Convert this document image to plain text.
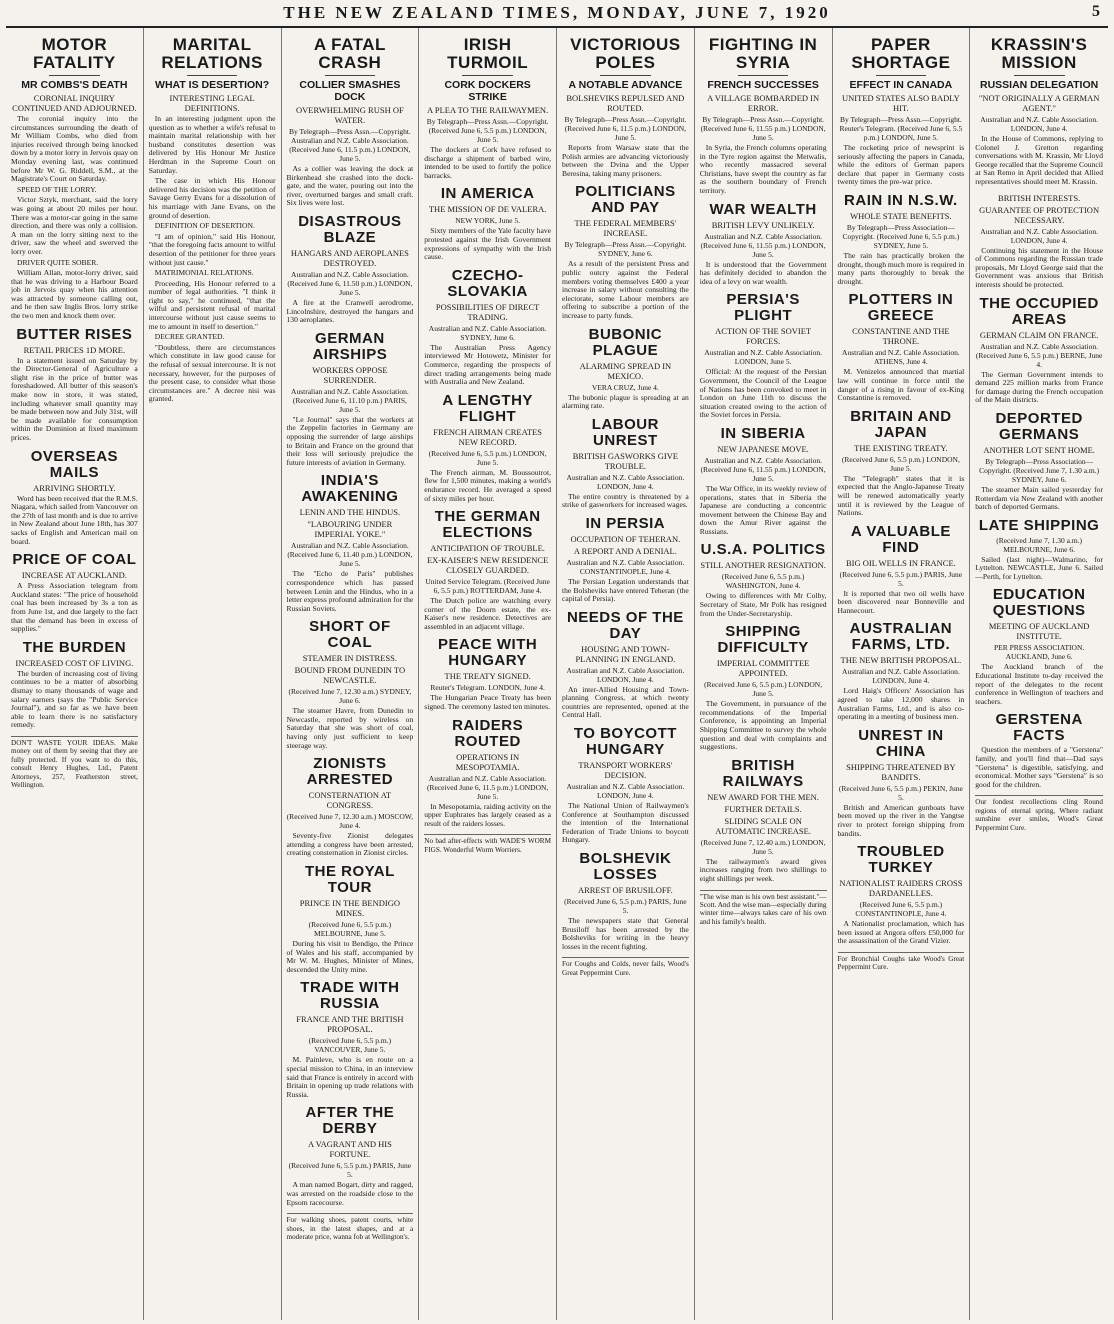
THE NEW ZEALAND TIMES, MONDAY, JUNE 7, 1920	5
MOTOR FATALITY
MR COMBS'S DEATH
CORONIAL INQUIRY CONTINUED AND ADJOURNED.

The coronial inquiry into the circumstances surrounding the death of Mr William Combs, who died from injuries received through being knocked down by a motor lorry in Jervois quay on Monday evening last, was continued before Mr W. G. Riddell, S.M., at the Magistrate's Court on Saturday.

SPEED OF THE LORRY.

Victor Sztyk, merchant, said the lorry was going at about 20 miles per hour. There was a motor-car going in the same direction, and there was only a collision. A man on the lorry sitting next to the driver, saw the wheel and swerved the lorry over.

DRIVER QUITE SOBER.

William Allan, motor-lorry driver, said that he was driving to a Harbour Board job in Jervois quay when his attention was attracted by someone calling out, and he then saw Inglis Bros. lorry strike the two men and knock them over.

BUTTER RISES
RETAIL PRICES 1D MORE.

In a statement issued on Saturday by the Director-General of Agriculture a slight rise in the price of butter was foreshadowed. All butter of this season's make now in store, it was stated, including whatever small quantity may be made between now and July 31st, will be made available for consumption within the Dominion at fixed maximum prices.

OVERSEAS MAILS
ARRIVING SHORTLY.

Word has been received that the R.M.S. Niagara, which sailed from Vancouver on the 27th of last month and is due to arrive in New Zealand about June 18th, has 307 sacks of English and American mail on board.

PRICE OF COAL
INCREASE AT AUCKLAND.

A Press Association telegram from Auckland states: "The price of household coal has been increased by 3s a ton as from June 1st, and due largely to the fact that the demand has been in excess of supplies."

THE BURDEN
INCREASED COST OF LIVING.

The burden of increasing cost of living continues to be a matter of absorbing dismay to many thousands of wage and salary earners (says the "Public Service Journal"), and so far as we have been able to learn there is no satisfactory remedy.

DON'T WASTE YOUR IDEAS. Make money out of them by seeing that they are fully protected. If you want to do this, consult Henry Hughes, Ltd., Patent Attorneys, 257, Featherston street, Wellington.
MARITAL RELATIONS
WHAT IS DESERTION?
INTERESTING LEGAL DEFINITIONS.

In an interesting judgment upon the question as to whether a wife's refusal to maintain marital relationship with her husband constitutes desertion was delivered by His Honour Mr Justice Herdman in the Supreme Court on Saturday.

The case in which His Honour delivered his decision was the petition of Savage Gerry Evans for a dissolution of his marriage with Jane Evans, on the ground of desertion.

DEFINITION OF DESERTION.

"I am of opinion," said His Honour, "that the foregoing facts amount to wilful desertion of the petitioner for three years without just cause."

MATRIMONIAL RELATIONS.

Proceeding, His Honour referred to a number of legal authorities. "I think it right to say," he continued, "that the wilful and persistent refusal of marital intercourse without just cause seems to me to amount in itself to desertion."

DECREE GRANTED.

"Doubtless, there are circumstances which constitute in law good cause for the refusal of sexual intercourse. It is not necessary, however, for the purposes of the present case, to consider what those circumstances are." A decree nisi was granted.

A FATAL CRASH
COLLIER SMASHES DOCK
OVERWHELMING RUSH OF WATER.
By Telegraph—Press Assn.—Copyright. Australian and N.Z. Cable Association. (Received June 6, 11.5 p.m.) LONDON, June 5.

As a collier was leaving the dock at Birkenhead she crashed into the dock-gate, and the water, pouring out into the river, overturned barges and small craft. Six lives were lost.

DISASTROUS BLAZE
HANGARS AND AEROPLANES DESTROYED.
Australian and N.Z. Cable Association. (Received June 6, 11.50 p.m.) LONDON, June 5.

A fire at the Cranwell aerodrome, Lincolnshire, destroyed the hangars and 130 aeroplanes.

GERMAN AIRSHIPS
WORKERS OPPOSE SURRENDER.
Australian and N.Z. Cable Association. (Received June 6, 11.10 p.m.) PARIS, June 5.

"Le Journal" says that the workers at the Zeppelin factories in Germany are opposing the surrender of large airships to Britain and France on the ground that their loss will seriously prejudice the future interests of aviation in Germany.

INDIA'S AWAKENING
LENIN AND THE HINDUS.
"LABOURING UNDER IMPERIAL YOKE."
Australian and N.Z. Cable Association. (Received June 6, 11.40 p.m.) LONDON, June 5.

The "Echo de Paris" publishes correspondence which has passed between Lenin and the Hindus, who in a letter express profound admiration for the Russian Soviets.

SHORT OF COAL
STEAMER IN DISTRESS.
BOUND FROM DUNEDIN TO NEWCASTLE.
(Received June 7, 12.30 a.m.) SYDNEY, June 6.

The steamer Havre, from Dunedin to Newcastle, reported by wireless on Saturday that she was short of coal, having only just sufficient to keep steerage way.

ZIONISTS ARRESTED
CONSTERNATION AT CONGRESS.
(Received June 7, 12.30 a.m.) MOSCOW, June 4.

Seventy-five Zionist delegates attending a congress have been arrested, creating consternation in Zionist circles.

THE ROYAL TOUR
PRINCE IN THE BENDIGO MINES.
(Received June 6, 5.5 p.m.) MELBOURNE, June 5.

During his visit to Bendigo, the Prince of Wales and his staff, accompanied by Mr W. M. Hughes, Minister of Mines, descended the Unity mine.

TRADE WITH RUSSIA
FRANCE AND THE BRITISH PROPOSAL.
(Received June 6, 5.5 p.m.) VANCOUVER, June 5.

M. Painleve, who is en route on a special mission to China, in an interview said that France is entirely in accord with Britain in opening up trade relations with Russia.

AFTER THE DERBY
A VAGRANT AND HIS FORTUNE.
(Received June 6, 5.5 p.m.) PARIS, June 5.

A man named Bogart, dirty and ragged, was arrested on the roadside close to the Epsom racecourse.

For walking shoes, patent courts, white shoes, in the latest shapes, and at a moderate price, wanna fob at Wellington's.
IRISH TURMOIL
CORK DOCKERS STRIKE
A PLEA TO THE RAILWAYMEN.
By Telegraph—Press Assn.—Copyright. (Received June 6, 5.5 p.m.) LONDON, June 5.

The dockers at Cork have refused to discharge a shipment of barbed wire, intended to be used to fortify the police barracks.

IN AMERICA
THE MISSION OF DE VALERA.
NEW YORK, June 5.

Sixty members of the Yale faculty have protested against the Irish Government expressions of sympathy with the Irish cause.

CZECHO-SLOVAKIA
POSSIBILITIES OF DIRECT TRADING.
Australian and N.Z. Cable Association. SYDNEY, June 6.

The Australian Press Agency interviewed Mr Hotowetz, Minister for Commerce, regarding the prospects of direct trading arrangements being made with Australia and New Zealand.

A LENGTHY FLIGHT
FRENCH AIRMAN CREATES NEW RECORD.
(Received June 6, 5.5 p.m.) LONDON, June 5.

The French airman, M. Boussoutrot, flew for 1,500 minutes, making a world's endurance record. He averaged a speed of sixty miles per hour.

THE GERMAN ELECTIONS
ANTICIPATION OF TROUBLE.
EX-KAISER'S NEW RESIDENCE CLOSELY GUARDED.
United Service Telegram. (Received June 6, 5.5 p.m.) ROTTERDAM, June 4.

The Dutch police are watching every corner of the Doorn estate, the ex-Kaiser's new residence. Detectives are assembled in an adjacent village.

PEACE WITH HUNGARY
THE TREATY SIGNED.
Reuter's Telegram. LONDON, June 4.

The Hungarian Peace Treaty has been signed. The ceremony lasted ten minutes.

RAIDERS ROUTED
OPERATIONS IN MESOPOTAMIA.
Australian and N.Z. Cable Association. (Received June 6, 11.5 p.m.) LONDON, June 5.

In Mesopotamia, raiding activity on the upper Euphrates has largely ceased as a result of the raiders losses.

No bad after-effects with WADE'S WORM FIGS. Wonderful Worm Worriers.
VICTORIOUS POLES
A NOTABLE ADVANCE
BOLSHEVIKS REPULSED AND ROUTED.
By Telegraph—Press Assn.—Copyright. (Received June 6, 11.5 p.m.) LONDON, June 5.

Reports from Warsaw state that the Polish armies are advancing victoriously between the Dvina and the Upper Beresina, taking many prisoners.

POLITICIANS AND PAY
THE FEDERAL MEMBERS' INCREASE.
By Telegraph—Press Assn.—Copyright. SYDNEY, June 6.

As a result of the persistent Press and public outcry against the Federal members voting themselves £400 a year increase in salary without consulting the electorate, some Labour members are offering to subscribe a portion of the increase to party funds.

BUBONIC PLAGUE
ALARMING SPREAD IN MEXICO.
VERA CRUZ, June 4.

The bubonic plague is spreading at an alarming rate.

LABOUR UNREST
BRITISH GASWORKS GIVE TROUBLE.
Australian and N.Z. Cable Association. LONDON, June 4.

The entire country is threatened by a strike of gasworkers for increased wages.

IN PERSIA
OCCUPATION OF TEHERAN.
A REPORT AND A DENIAL.
Australian and N.Z. Cable Association. CONSTANTINOPLE, June 4.

The Persian Legation understands that the Bolsheviks have entered Teheran (the capital of Persia).

NEEDS OF THE DAY
HOUSING AND TOWN-PLANNING IN ENGLAND.
Australian and N.Z. Cable Association. LONDON, June 4.

An inter-Allied Housing and Town-planning Congress, at which twenty countries are represented, opened at the Central Hall.

TO BOYCOTT HUNGARY
TRANSPORT WORKERS' DECISION.
Australian and N.Z. Cable Association. LONDON, June 4.

The National Union of Railwaymen's Conference at Southampton discussed the intention of the International Federation of Trade Unions to boycott Hungary.

BOLSHEVIK LOSSES
ARREST OF BRUSILOFF.
(Received June 6, 5.5 p.m.) PARIS, June 5.

The newspapers state that General Brusiloff has been arrested by the Bolsheviks for writing in the heavy losses in the recent fighting.

For Coughs and Colds, never fails, Wood's Great Peppermint Cure.
FIGHTING IN SYRIA
FRENCH SUCCESSES
A VILLAGE BOMBARDED IN ERROR.
By Telegraph—Press Assn.—Copyright. (Received June 6, 11.55 p.m.) LONDON, June 5.

In Syria, the French columns operating in the Tyre region against the Metwalis, who recently massacred several Christians, have swept the country as far as the southern boundary of French territory.

WAR WEALTH
BRITISH LEVY UNLIKELY.
Australian and N.Z. Cable Association. (Received June 6, 11.55 p.m.) LONDON, June 5.

It is understood that the Government has definitely decided to abandon the idea of a levy on war wealth.

PERSIA'S PLIGHT
ACTION OF THE SOVIET FORCES.
Australian and N.Z. Cable Association. LONDON, June 5.

Official: At the request of the Persian Government, the Council of the League of Nations has been convoked to meet in London on June 11th to discuss the situation created owing to the action of the Soviet forces in Persia.

IN SIBERIA
NEW JAPANESE MOVE.
Australian and N.Z. Cable Association. (Received June 6, 11.55 p.m.) LONDON, June 5.

The War Office, in its weekly review of operations, states that in Siberia the Japanese are conducting a concentric movement between the Chinese Bay and down the Amur River against the Russians.

U.S.A. POLITICS
STILL ANOTHER RESIGNATION.
(Received June 6, 5.5 p.m.) WASHINGTON, June 4.

Owing to differences with Mr Colby, Secretary of State, Mr Polk has resigned from the Under-Secretaryship.

SHIPPING DIFFICULTY
IMPERIAL COMMITTEE APPOINTED.
(Received June 6, 5.5 p.m.) LONDON, June 5.

The Government, in pursuance of the recommendations of the Imperial Conference, is appointing an Imperial Shipping Committee to survey the whole question and deal with complaints and suggestions.

BRITISH RAILWAYS
NEW AWARD FOR THE MEN.
FURTHER DETAILS.
SLIDING SCALE ON AUTOMATIC INCREASE.
(Received June 7, 12.40 a.m.) LONDON, June 5.

The railwaymen's award gives increases ranging from two shillings to eight shillings per week.

"The wise man is his own best assistant."—Scott. And the wise man—especially during winter time—always takes care of his own and his family's health.
PAPER SHORTAGE
EFFECT IN CANADA
UNITED STATES ALSO BADLY HIT.
By Telegraph—Press Assn.—Copyright. Reuter's Telegram. (Received June 6, 5.5 p.m.) LONDON, June 5.

The rocketing price of newsprint is seriously affecting the papers in Canada, while the editors of German papers declare that paper in Germany costs twenty times the pre-war price.

RAIN IN N.S.W.
WHOLE STATE BENEFITS.
By Telegraph—Press Association—Copyright. (Received June 6, 5.5 p.m.) SYDNEY, June 5.

The rain has practically broken the drought, though much more is required in many parts thoroughly to break the drought.

PLOTTERS IN GREECE
CONSTANTINE AND THE THRONE.
Australian and N.Z. Cable Association. ATHENS, June 4.

M. Venizelos announced that martial law will continue in force until the danger of a rising in favour of ex-King Constantine is removed.

BRITAIN AND JAPAN
THE EXISTING TREATY.
(Received June 6, 5.5 p.m.) LONDON, June 5.

The "Telegraph" states that it is expected that the Anglo-Japanese Treaty will be renewed automatically yearly until it is reviewed by the League of Nations.

A VALUABLE FIND
BIG OIL WELLS IN FRANCE.
(Received June 6, 5.5 p.m.) PARIS, June 5.

It is reported that two oil wells have been discovered near Bonneville and Hannecourt.

AUSTRALIAN FARMS, LTD.
THE NEW BRITISH PROPOSAL.
Australian and N.Z. Cable Association. LONDON, June 4.

Lord Haig's Officers' Association has agreed to take 12,000 shares in Australian Farms, Ltd., and is also co-operating in a meeting of business men.

UNREST IN CHINA
SHIPPING THREATENED BY BANDITS.
(Received June 6, 5.5 p.m.) PEKIN, June 5.

British and American gunboats have been moved up the river in the Yangtse river to protect foreign shipping from bandits.

TROUBLED TURKEY
NATIONALIST RAIDERS CROSS DARDANELLES.
(Received June 6, 5.5 p.m.) CONSTANTINOPLE, June 4.

A Nationalist proclamation, which has been issued at Angora offers £50,000 for the assassination of the Grand Vizier.

For Bronchial Coughs take Wood's Great Peppermint Cure.
KRASSIN'S MISSION
RUSSIAN DELEGATION
"NOT ORIGINALLY A GERMAN AGENT."
Australian and N.Z. Cable Association. LONDON, June 4.

In the House of Commons, replying to Colonel J. Gretton regarding conversations with M. Krassin, Mr Lloyd George recalled that the Supreme Council at San Remo in April decided that Allied representatives should meet M. Krassin.

BRITISH INTERESTS.
GUARANTEE OF PROTECTION NECESSARY.
Australian and N.Z. Cable Association. LONDON, June 4.

Continuing his statement in the House of Commons regarding the Russian trade proposals, Mr Lloyd George said that the Government was anxious that British interests should be protected.

THE OCCUPIED AREAS
GERMAN CLAIM ON FRANCE.
Australian and N.Z. Cable Association. (Received June 6, 5.5 p.m.) BERNE, June 4.

The German Government intends to demand 225 million marks from France for damage during the French occupation of the Main districts.

DEPORTED GERMANS
ANOTHER LOT SENT HOME.
By Telegraph—Press Association—Copyright. (Received June 7, 1.30 a.m.) SYDNEY, June 6.

The steamer Main sailed yesterday for Rotterdam via New Zealand with another batch of deported Germans.

LATE SHIPPING
(Received June 7, 1.30 a.m.) MELBOURNE, June 6.

Sailed (last night)—Walmarino, for Lyttelton. NEWCASTLE, June 6. Sailed—Perth, for Lyttelton.

EDUCATION QUESTIONS
MEETING OF AUCKLAND INSTITUTE.
PER PRESS ASSOCIATION. AUCKLAND, June 6.

The Auckland branch of the Educational Institute to-day received the report of the delegates to the recent conference in Wellington of teachers and teachers.

GERSTENA FACTS

Question the members of a "Gerstena" family, and you'll find that—Dad says "Gerstena" is digestible, satisfying, and economical. Mother says "Gerstena" is so good for the children.

Our fondest recollections cling Round regions of eternal spring, Where radiant sunshine ever smiles, Wood's Great Peppermint Cure.
